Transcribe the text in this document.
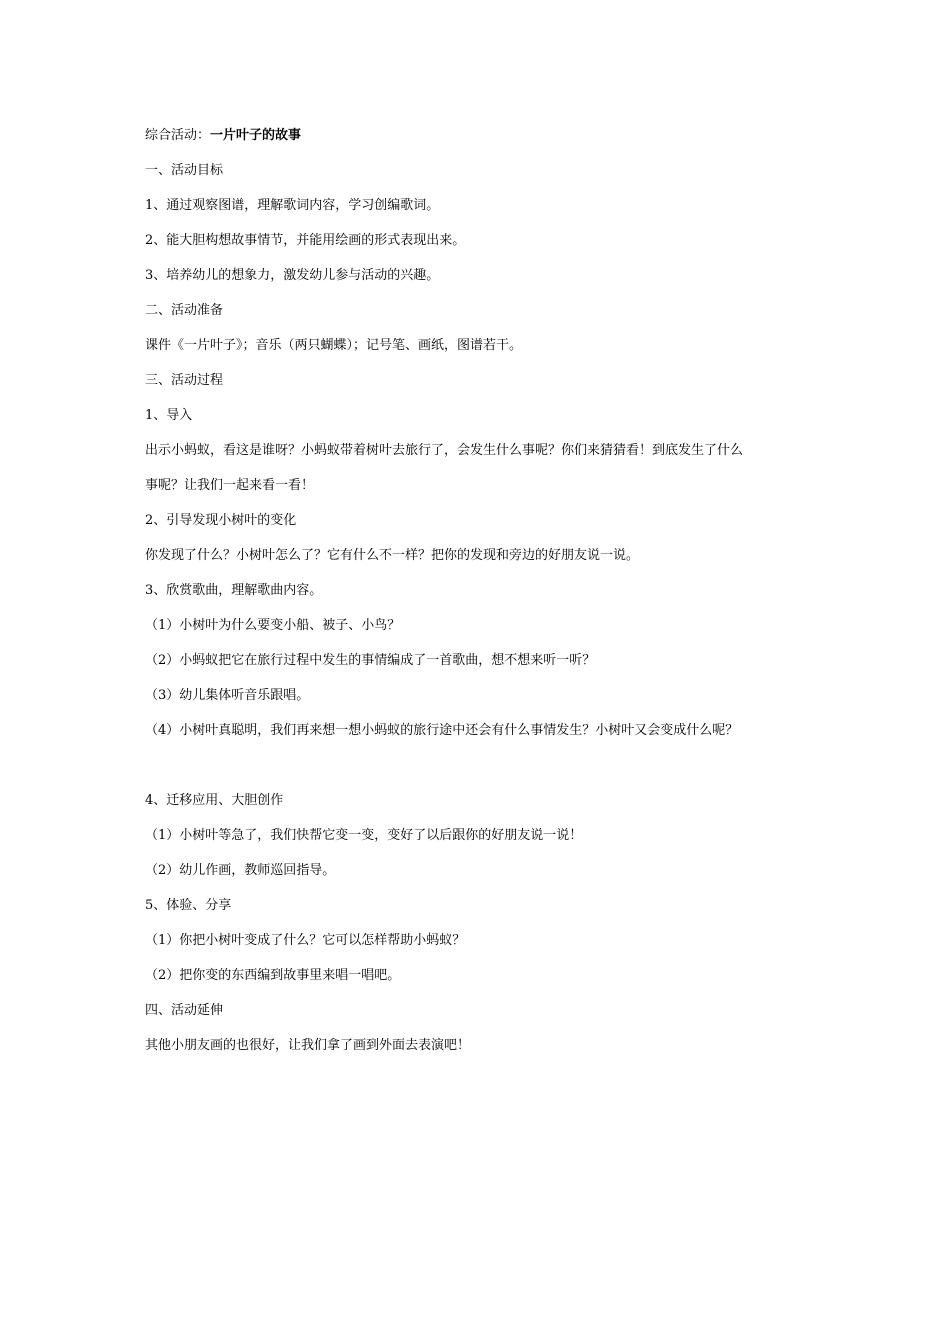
综合活动：一片叶子的故事
一、活动目标
1、通过观察图谱，理解歌词内容，学习创编歌词。
2、能大胆构想故事情节，并能用绘画的形式表现出来。
3、培养幼儿的想象力，激发幼儿参与活动的兴趣。
二、活动准备
课件《一片叶子》；音乐（两只蝴蝶）；记号笔、画纸，图谱若干。
三、活动过程
1、导入
出示小蚂蚁，看这是谁呀？小蚂蚁带着树叶去旅行了，会发生什么事呢？你们来猜猜看！到底发生了什么
事呢？让我们一起来看一看！
2、引导发现小树叶的变化
你发现了什么？小树叶怎么了？它有什么不一样？把你的发现和旁边的好朋友说一说。
3、欣赏歌曲，理解歌曲内容。
（1）小树叶为什么要变小船、被子、小鸟？
（2）小蚂蚁把它在旅行过程中发生的事情编成了一首歌曲，想不想来听一听？
（3）幼儿集体听音乐跟唱。
（4）小树叶真聪明，我们再来想一想小蚂蚁的旅行途中还会有什么事情发生？小树叶又会变成什么呢？
4、迁移应用、大胆创作
（1）小树叶等急了，我们快帮它变一变，变好了以后跟你的好朋友说一说！
（2）幼儿作画，教师巡回指导。
5、体验、分享
（1）你把小树叶变成了什么？它可以怎样帮助小蚂蚁？
（2）把你变的东西编到故事里来唱一唱吧。
四、活动延伸
其他小朋友画的也很好，让我们拿了画到外面去表演吧！
